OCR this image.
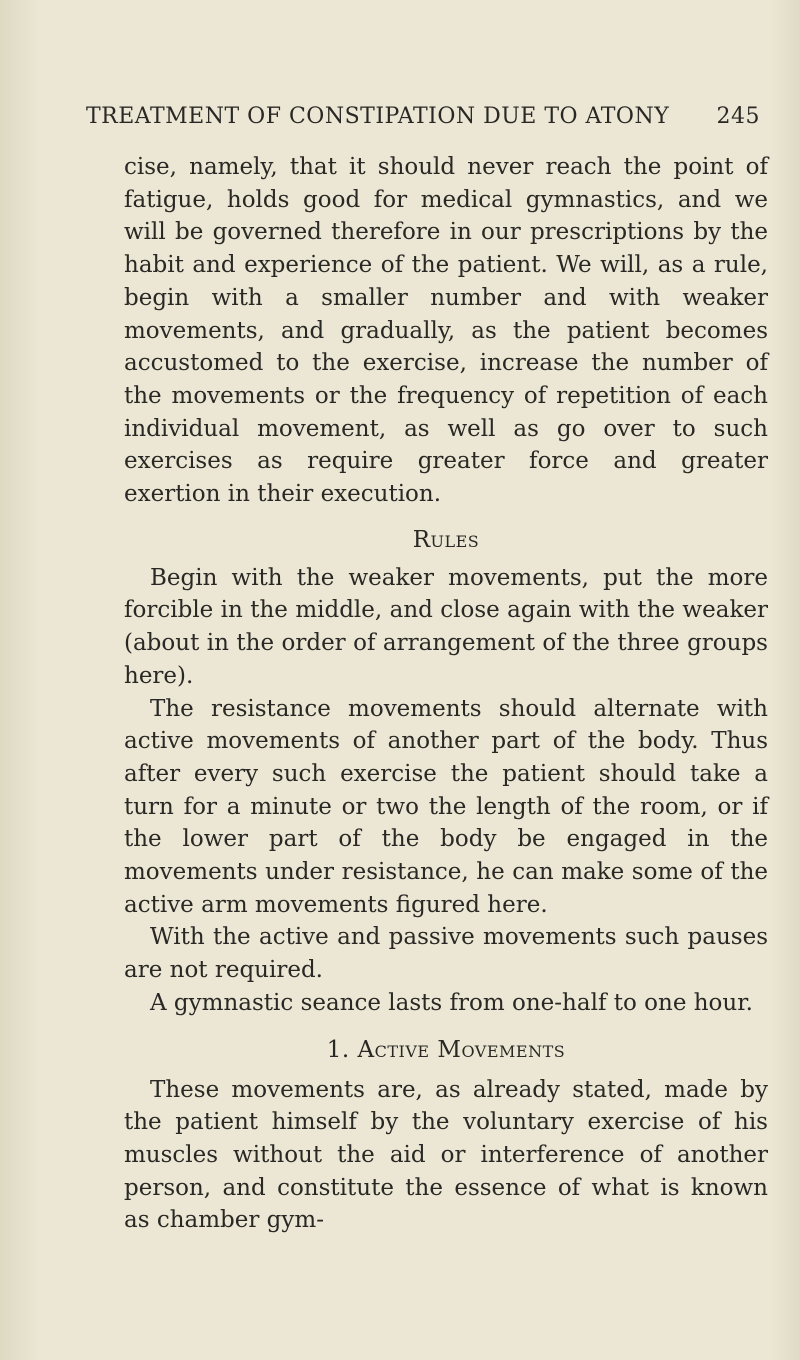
TREATMENT OF CONSTIPATION DUE TO ATONY 245

cise, namely, that it should never reach the point of fatigue, holds good for medical gymnastics, and we will be governed therefore in our prescriptions by the habit and experience of the patient. We will, as a rule, begin with a smaller number and with weaker movements, and gradually, as the patient becomes accustomed to the exercise, increase the number of the movements or the frequency of repetition of each individual movement, as well as go over to such exercises as require greater force and greater exertion in their execution.

Rules

Begin with the weaker movements, put the more forcible in the middle, and close again with the weaker (about in the order of arrangement of the three groups here).

The resistance movements should alternate with active movements of another part of the body. Thus after every such exercise the patient should take a turn for a minute or two the length of the room, or if the lower part of the body be engaged in the movements under resistance, he can make some of the active arm movements figured here.

With the active and passive movements such pauses are not required.

A gymnastic seance lasts from one-half to one hour.

1. Active Movements

These movements are, as already stated, made by the patient himself by the voluntary exercise of his muscles without the aid or interference of another person, and constitute the essence of what is known as chamber gym-
